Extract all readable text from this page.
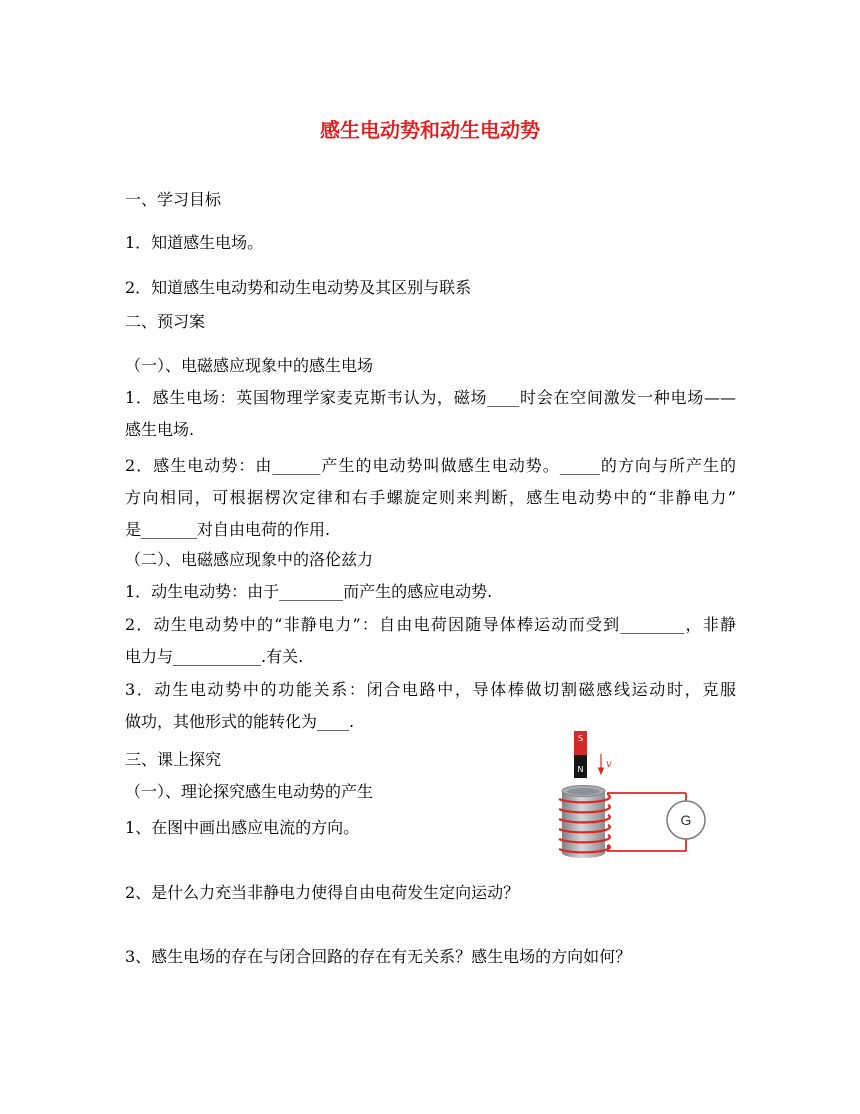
感生电动势和动生电动势
一、学习目标
1．知道感生电场。
2．知道感生电动势和动生电动势及其区别与联系
二、预习案
（一）、电磁感应现象中的感生电场
1．感生电场：英国物理学家麦克斯韦认为，磁场____时会在空间激发一种电场——
感生电场.
2．感生电动势：由______产生的电动势叫做感生电动势。_____的方向与所产生的
方向相同，可根据楞次定律和右手螺旋定则来判断，感生电动势中的“非静电力”
是_______对自由电荷的作用.
（二）、电磁感应现象中的洛伦兹力
1．动生电动势：由于________而产生的感应电动势.
2．动生电动势中的“非静电力”：自由电荷因随导体棒运动而受到________，非静
电力与___________.有关.
3．动生电动势中的功能关系：闭合电路中，导体棒做切割磁感线运动时，克服
做功，其他形式的能转化为____.
三、课上探究
（一）、理论探究感生电动势的产生
1、在图中画出感应电流的方向。
2、是什么力充当非静电力使得自由电荷发生定向运动？
3、感生电场的存在与闭合回路的存在有无关系？感生电场的方向如何？
S
N v
G
